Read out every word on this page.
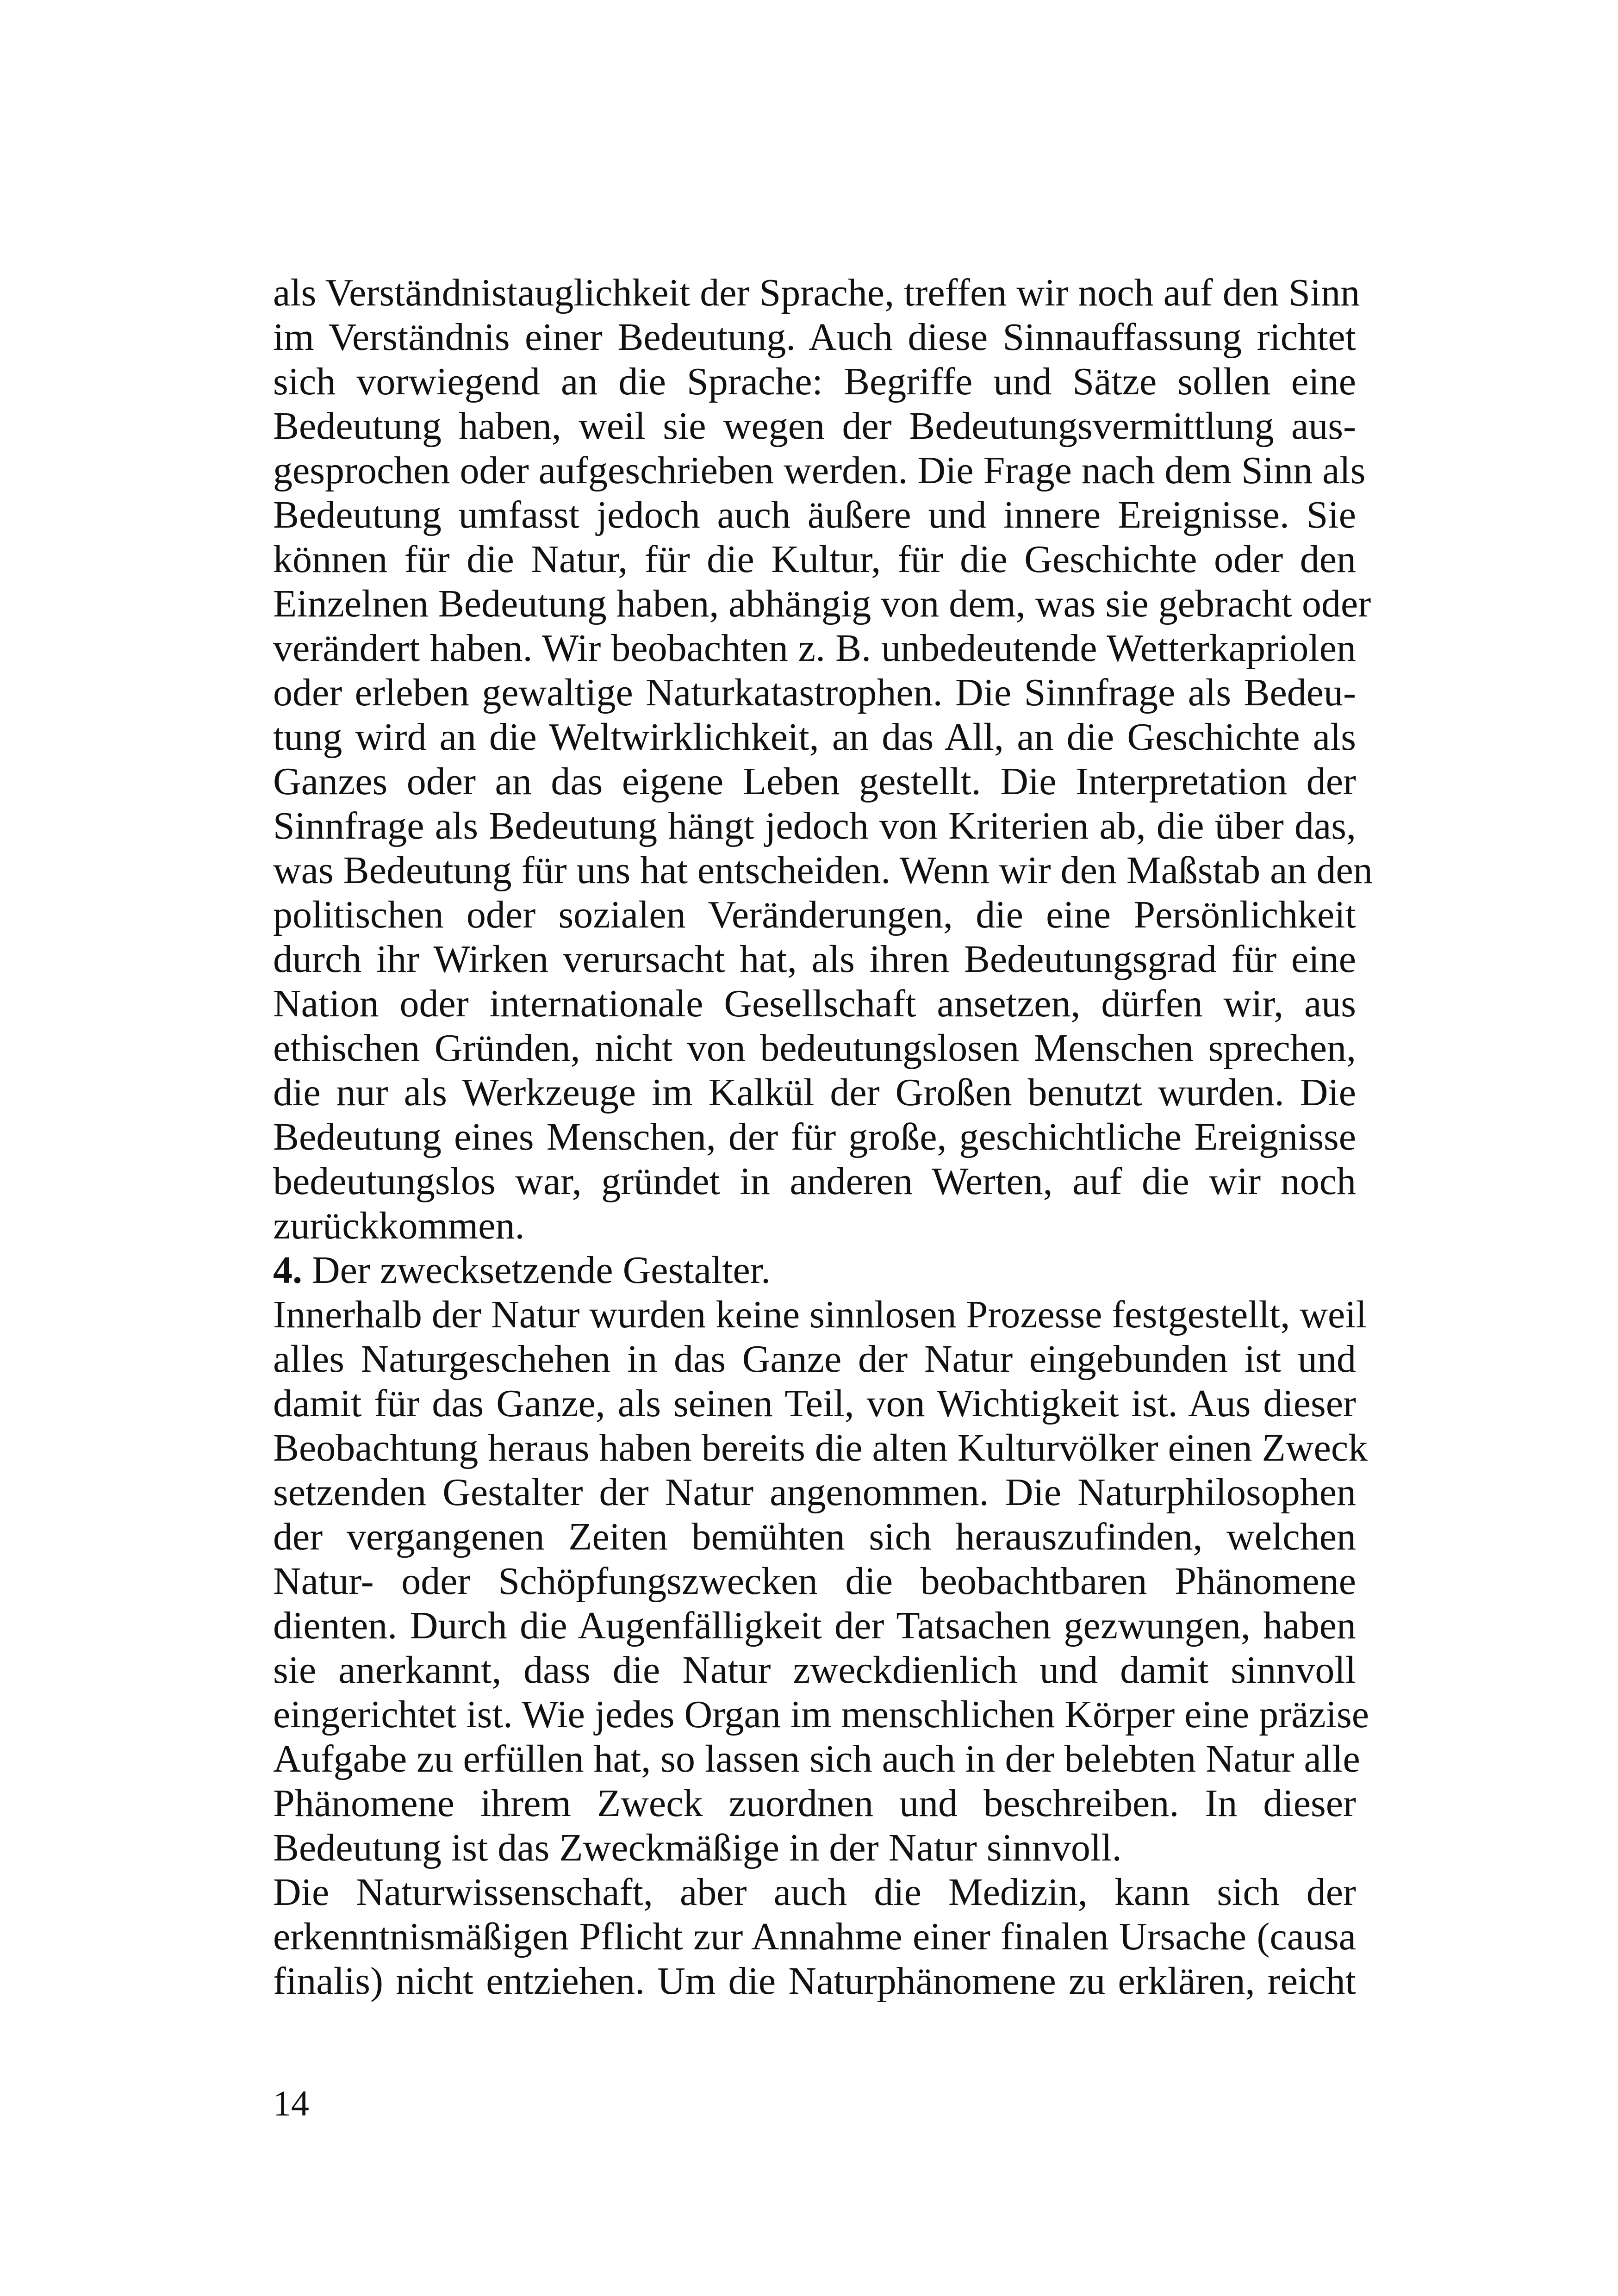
als Verständnistauglichkeit der Sprache, treffen wir noch auf den Sinn
im Verständnis einer Bedeutung. Auch diese Sinnauffassung richtet
sich vorwiegend an die Sprache: Begriffe und Sätze sollen eine
Bedeutung haben, weil sie wegen der Bedeutungsvermittlung aus-
gesprochen oder aufgeschrieben werden. Die Frage nach dem Sinn als
Bedeutung umfasst jedoch auch äußere und innere Ereignisse. Sie
können für die Natur, für die Kultur, für die Geschichte oder den
Einzelnen Bedeutung haben, abhängig von dem, was sie gebracht oder
verändert haben. Wir beobachten z. B. unbedeutende Wetterkapriolen
oder erleben gewaltige Naturkatastrophen. Die Sinnfrage als Bedeu-
tung wird an die Weltwirklichkeit, an das All, an die Geschichte als
Ganzes oder an das eigene Leben gestellt. Die Interpretation der
Sinnfrage als Bedeutung hängt jedoch von Kriterien ab, die über das,
was Bedeutung für uns hat entscheiden. Wenn wir den Maßstab an den
politischen oder sozialen Veränderungen, die eine Persönlichkeit
durch ihr Wirken verursacht hat, als ihren Bedeutungsgrad für eine
Nation oder internationale Gesellschaft ansetzen, dürfen wir, aus
ethischen Gründen, nicht von bedeutungslosen Menschen sprechen,
die nur als Werkzeuge im Kalkül der Großen benutzt wurden. Die
Bedeutung eines Menschen, der für große, geschichtliche Ereignisse
bedeutungslos war, gründet in anderen Werten, auf die wir noch
zurückkommen.
4. Der zwecksetzende Gestalter.
Innerhalb der Natur wurden keine sinnlosen Prozesse festgestellt, weil
alles Naturgeschehen in das Ganze der Natur eingebunden ist und
damit für das Ganze, als seinen Teil, von Wichtigkeit ist. Aus dieser
Beobachtung heraus haben bereits die alten Kulturvölker einen Zweck
setzenden Gestalter der Natur angenommen. Die Naturphilosophen
der vergangenen Zeiten bemühten sich herauszufinden, welchen
Natur- oder Schöpfungszwecken die beobachtbaren Phänomene
dienten. Durch die Augenfälligkeit der Tatsachen gezwungen, haben
sie anerkannt, dass die Natur zweckdienlich und damit sinnvoll
eingerichtet ist. Wie jedes Organ im menschlichen Körper eine präzise
Aufgabe zu erfüllen hat, so lassen sich auch in der belebten Natur alle
Phänomene ihrem Zweck zuordnen und beschreiben. In dieser
Bedeutung ist das Zweckmäßige in der Natur sinnvoll.
Die Naturwissenschaft, aber auch die Medizin, kann sich der
erkenntnismäßigen Pflicht zur Annahme einer finalen Ursache (causa
finalis) nicht entziehen. Um die Naturphänomene zu erklären, reicht
14
